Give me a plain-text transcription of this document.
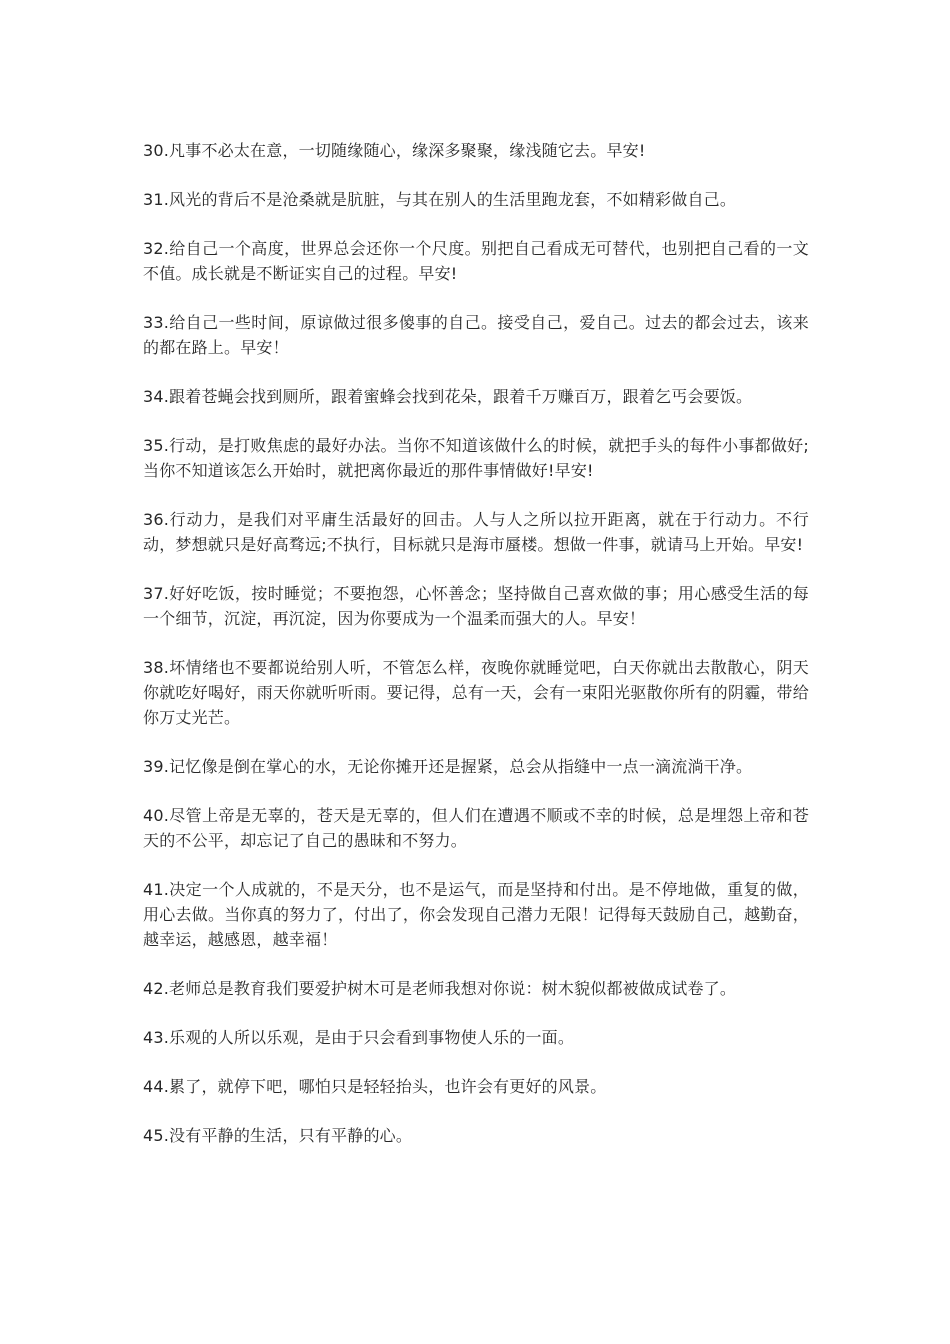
30.凡事不必太在意，一切随缘随心，缘深多聚聚，缘浅随它去。早安!

31.风光的背后不是沧桑就是肮脏，与其在别人的生活里跑龙套，不如精彩做自己。

32.给自己一个高度，世界总会还你一个尺度。别把自己看成无可替代，也别把自己看的一文不值。成长就是不断证实自己的过程。早安!

33.给自己一些时间，原谅做过很多傻事的自己。接受自己，爱自己。过去的都会过去，该来的都在路上。早安！

34.跟着苍蝇会找到厕所，跟着蜜蜂会找到花朵，跟着千万赚百万，跟着乞丐会要饭。

35.行动，是打败焦虑的最好办法。当你不知道该做什么的时候，就把手头的每件小事都做好;当你不知道该怎么开始时，就把离你最近的那件事情做好!早安!

36.行动力，是我们对平庸生活最好的回击。人与人之所以拉开距离，就在于行动力。不行动，梦想就只是好高骛远;不执行，目标就只是海市蜃楼。想做一件事，就请马上开始。早安!

37.好好吃饭，按时睡觉；不要抱怨，心怀善念；坚持做自己喜欢做的事；用心感受生活的每一个细节，沉淀，再沉淀，因为你要成为一个温柔而强大的人。早安！

38.坏情绪也不要都说给别人听，不管怎么样，夜晚你就睡觉吧，白天你就出去散散心，阴天你就吃好喝好，雨天你就听听雨。要记得，总有一天，会有一束阳光驱散你所有的阴霾，带给你万丈光芒。

39.记忆像是倒在掌心的水，无论你摊开还是握紧，总会从指缝中一点一滴流淌干净。

40.尽管上帝是无辜的，苍天是无辜的，但人们在遭遇不顺或不幸的时候，总是埋怨上帝和苍天的不公平，却忘记了自己的愚昧和不努力。

41.决定一个人成就的，不是天分，也不是运气，而是坚持和付出。是不停地做，重复的做，用心去做。当你真的努力了，付出了，你会发现自己潜力无限！记得每天鼓励自己，越勤奋，越幸运，越感恩，越幸福！

42.老师总是教育我们要爱护树木可是老师我想对你说：树木貌似都被做成试卷了。

43.乐观的人所以乐观，是由于只会看到事物使人乐的一面。

44.累了，就停下吧，哪怕只是轻轻抬头，也许会有更好的风景。

45.没有平静的生活，只有平静的心。
